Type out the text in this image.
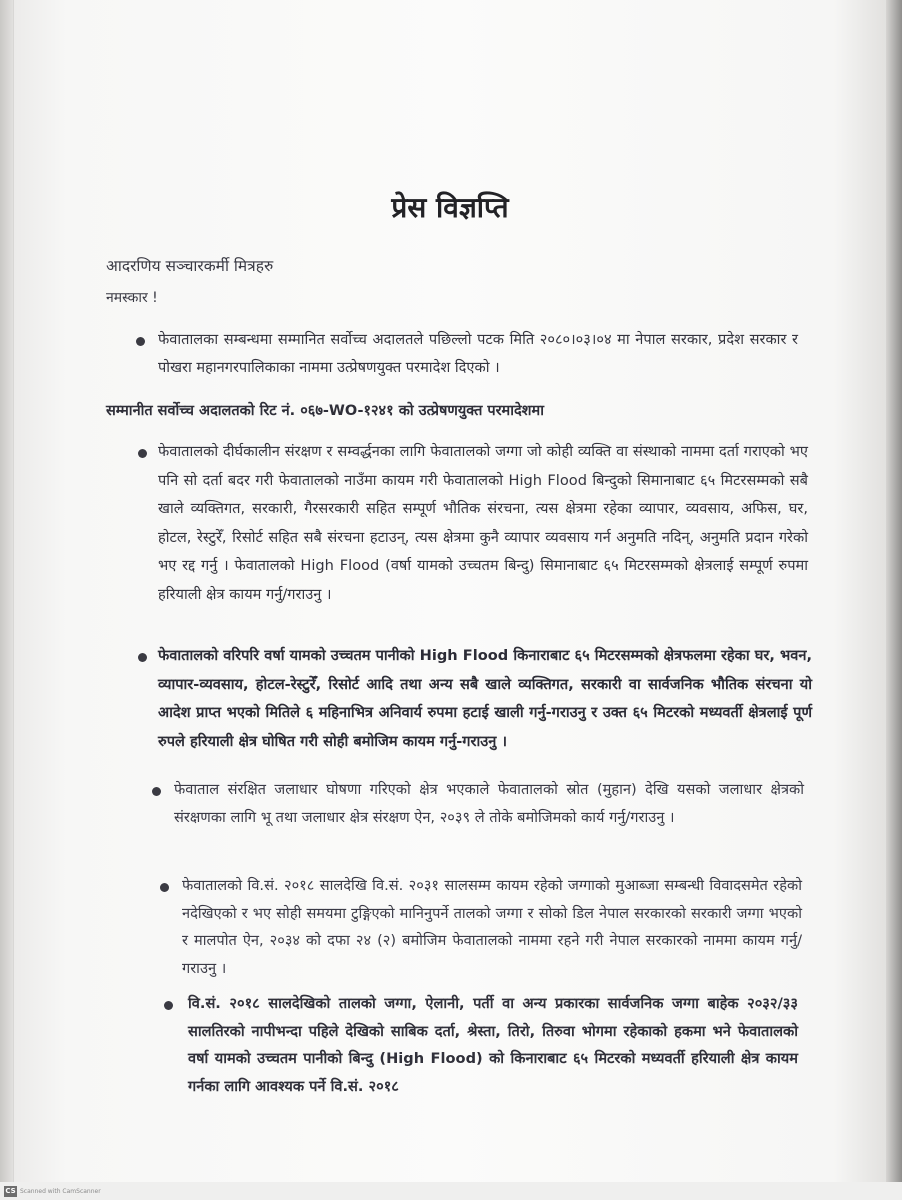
प्रेस विज्ञप्ति
आदरणिय सञ्चारकर्मी मित्रहरु
नमस्कार !
फेवातालका सम्बन्धमा सम्मानित सर्वोच्च अदालतले पछिल्लो पटक मिति २०८०।०३।०४ मा नेपाल सरकार, प्रदेश सरकार र पोखरा महानगरपालिकाका नाममा उत्प्रेषणयुक्त परमादेश दिएको ।
सम्मानीत सर्वोच्च अदालतको रिट नं. ०६७-WO-१२४१ को उत्प्रेषणयुक्त परमादेशमा
फेवातालको दीर्घकालीन संरक्षण र सम्वर्द्धनका लागि फेवातालको जग्गा जो कोही व्यक्ति वा संस्थाको नाममा दर्ता गराएको भए पनि सो दर्ता बदर गरी फेवातालको नाउँमा कायम गरी फेवातालको High Flood बिन्दुको सिमानाबाट ६५ मिटरसम्मको सबै खाले व्यक्तिगत, सरकारी, गैरसरकारी सहित सम्पूर्ण भौतिक संरचना, त्यस क्षेत्रमा रहेका व्यापार, व्यवसाय, अफिस, घर, होटल, रेस्टुरेँ, रिसोर्ट सहित सबै संरचना हटाउन्, त्यस क्षेत्रमा कुनै व्यापार व्यवसाय गर्न अनुमति नदिन्, अनुमति प्रदान गरेको भए रद्द गर्नु । फेवातालको High Flood (वर्षा यामको उच्चतम बिन्दु) सिमानाबाट ६५ मिटरसम्मको क्षेत्रलाई सम्पूर्ण रुपमा हरियाली क्षेत्र कायम गर्नु/गराउनु ।
फेवातालको वरिपरि वर्षा यामको उच्चतम पानीको High Flood किनाराबाट ६५ मिटरसम्मको क्षेत्रफलमा रहेका घर, भवन, व्यापार-व्यवसाय, होटल-रेस्टुरेँ, रिसोर्ट आदि तथा अन्य सबै खाले व्यक्तिगत, सरकारी वा सार्वजनिक भौतिक संरचना यो आदेश प्राप्त भएको मितिले ६ महिनाभित्र अनिवार्य रुपमा हटाई खाली गर्नु-गराउनु र उक्त ६५ मिटरको मध्यवर्ती क्षेत्रलाई पूर्ण रुपले हरियाली क्षेत्र घोषित गरी सोही बमोजिम कायम गर्नु-गराउनु ।
फेवाताल संरक्षित जलाधार घोषणा गरिएको क्षेत्र भएकाले फेवातालको स्रोत (मुहान) देखि यसको जलाधार क्षेत्रको संरक्षणका लागि भू तथा जलाधार क्षेत्र संरक्षण ऐन, २०३९ ले तोके बमोजिमको कार्य गर्नु/गराउनु ।
फेवातालको वि.सं. २०१८ सालदेखि वि.सं. २०३१ सालसम्म कायम रहेको जग्गाको मुआब्जा सम्बन्धी विवादसमेत रहेको नदेखिएको र भए सोही समयमा टुङ्गिएको मानिनुपर्ने तालको जग्गा र सोको डिल नेपाल सरकारको सरकारी जग्गा भएको र मालपोत ऐन, २०३४ को दफा २४ (२) बमोजिम फेवातालको नाममा रहने गरी नेपाल सरकारको नाममा कायम गर्नु/गराउनु ।
वि.सं. २०१८ सालदेखिको तालको जग्गा, ऐलानी, पर्ती वा अन्य प्रकारका सार्वजनिक जग्गा बाहेक २०३२/३३ सालतिरको नापीभन्दा पहिले देखिको साबिक दर्ता, श्रेस्ता, तिरो, तिरुवा भोगमा रहेकाको हकमा भने फेवातालको वर्षा यामको उच्चतम पानीको बिन्दु (High Flood) को किनाराबाट ६५ मिटरको मध्यवर्ती हरियाली क्षेत्र कायम गर्नका लागि आवश्यक पर्ने वि.सं. २०१८
CS Scanned with CamScanner
